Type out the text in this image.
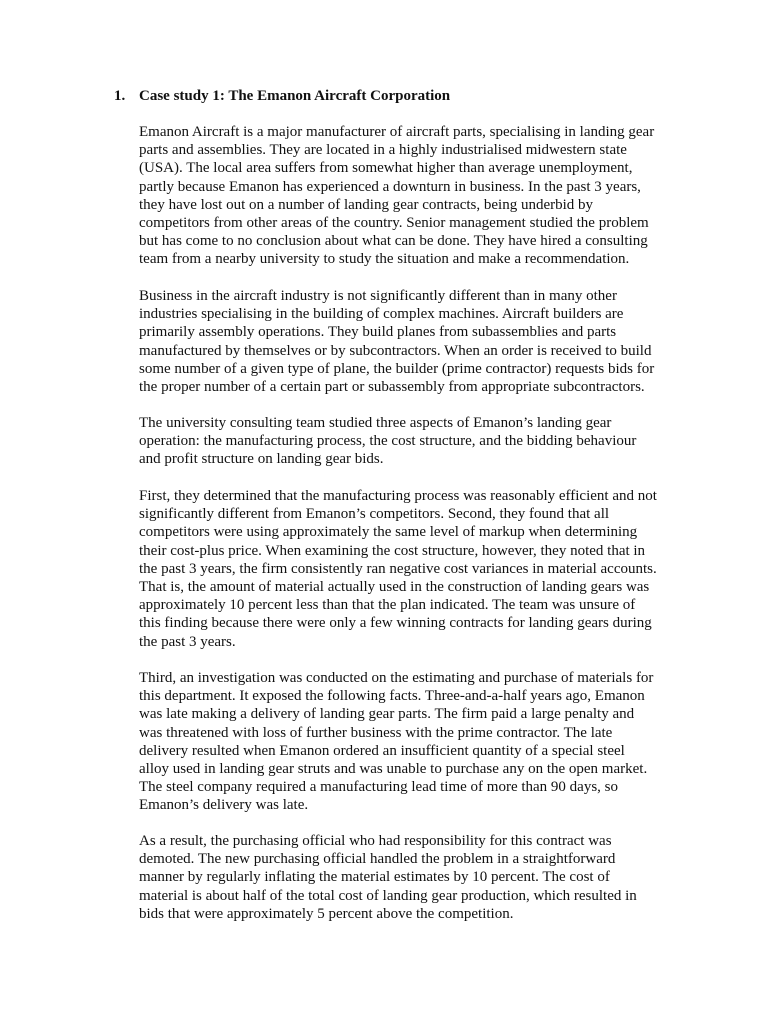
1. Case study 1: The Emanon Aircraft Corporation

Emanon Aircraft is a major manufacturer of aircraft parts, specialising in landing gear
parts and assemblies. They are located in a highly industrialised midwestern state
(USA). The local area suffers from somewhat higher than average unemployment,
partly because Emanon has experienced a downturn in business. In the past 3 years,
they have lost out on a number of landing gear contracts, being underbid by
competitors from other areas of the country. Senior management studied the problem
but has come to no conclusion about what can be done. They have hired a consulting
team from a nearby university to study the situation and make a recommendation.

Business in the aircraft industry is not significantly different than in many other
industries specialising in the building of complex machines. Aircraft builders are
primarily assembly operations. They build planes from subassemblies and parts
manufactured by themselves or by subcontractors. When an order is received to build
some number of a given type of plane, the builder (prime contractor) requests bids for
the proper number of a certain part or subassembly from appropriate subcontractors.

The university consulting team studied three aspects of Emanon’s landing gear
operation: the manufacturing process, the cost structure, and the bidding behaviour
and profit structure on landing gear bids.

First, they determined that the manufacturing process was reasonably efficient and not
significantly different from Emanon’s competitors. Second, they found that all
competitors were using approximately the same level of markup when determining
their cost-plus price. When examining the cost structure, however, they noted that in
the past 3 years, the firm consistently ran negative cost variances in material accounts.
That is, the amount of material actually used in the construction of landing gears was
approximately 10 percent less than that the plan indicated. The team was unsure of
this finding because there were only a few winning contracts for landing gears during
the past 3 years.

Third, an investigation was conducted on the estimating and purchase of materials for
this department. It exposed the following facts. Three-and-a-half years ago, Emanon
was late making a delivery of landing gear parts. The firm paid a large penalty and
was threatened with loss of further business with the prime contractor. The late
delivery resulted when Emanon ordered an insufficient quantity of a special steel
alloy used in landing gear struts and was unable to purchase any on the open market.
The steel company required a manufacturing lead time of more than 90 days, so
Emanon’s delivery was late.

As a result, the purchasing official who had responsibility for this contract was
demoted. The new purchasing official handled the problem in a straightforward
manner by regularly inflating the material estimates by 10 percent. The cost of
material is about half of the total cost of landing gear production, which resulted in
bids that were approximately 5 percent above the competition.
